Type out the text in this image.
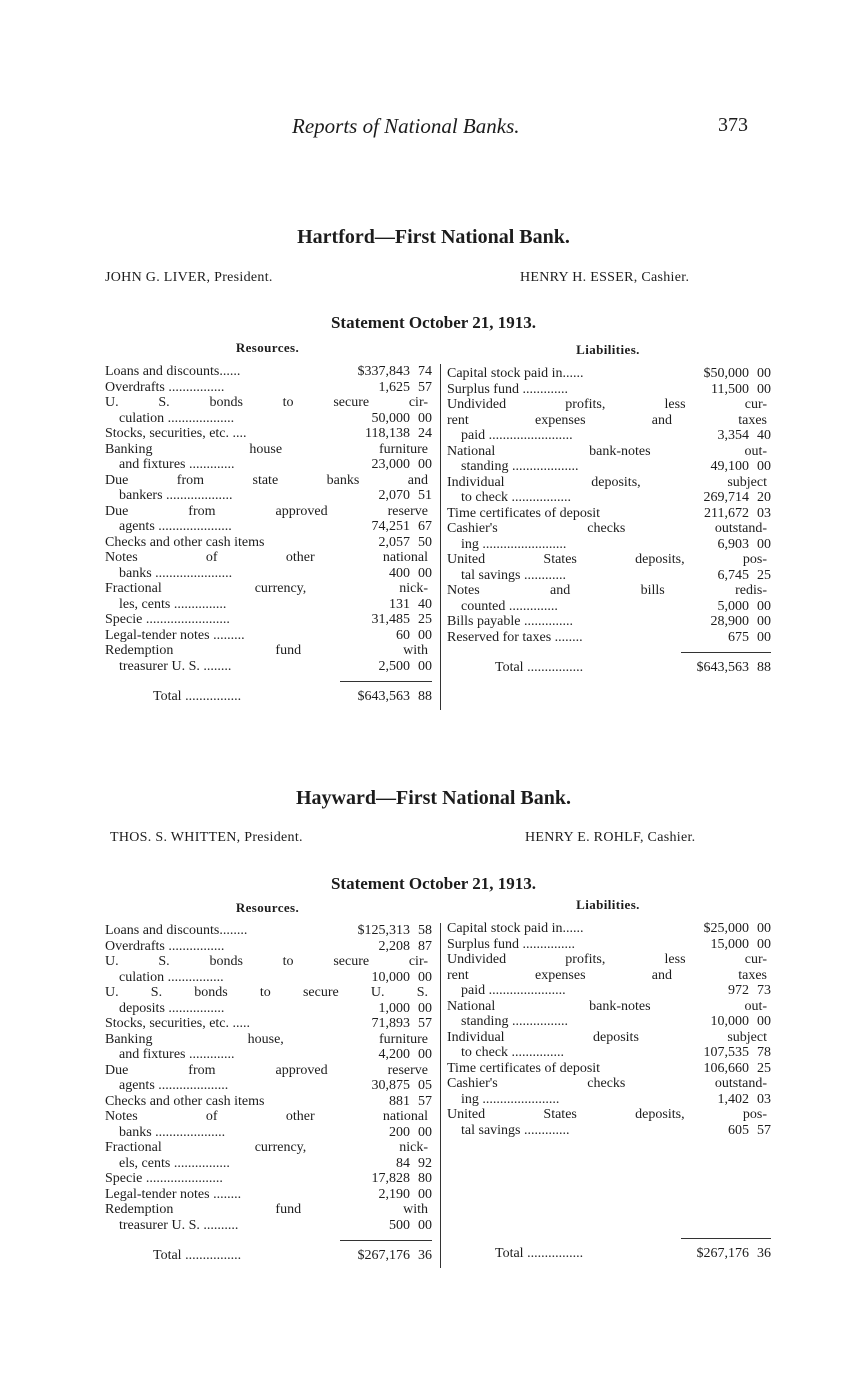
Reports of National Banks.	373
Hartford—First National Bank.
JOHN G. LIVER, President.	HENRY H. ESSER, Cashier.
Statement October 21, 1913.
Resources.	Liabilities.
Loans and discounts......	$337,843 74
Overdrafts ................	1,625 57
U. S. bonds to secure cir-
culation ...................	50,000 00
Stocks, securities, etc. ....	118,138 24
Banking house furniture
and fixtures .............	23,000 00
Due from state banks and
bankers ...................	2,070 51
Due from approved reserve
agents .....................	74,251 67
Checks and other cash items	2,057 50
Notes of other national
banks ......................	400 00
Fractional currency, nick-
les, cents ...............	131 40
Specie ........................	31,485 25
Legal-tender notes .........	60 00
Redemption fund with
treasurer U. S. ........	2,500 00
Total ................	$643,563 88
Capital stock paid in......	$50,000 00
Surplus fund .............	11,500 00
Undivided profits, less cur-
rent expenses and taxes
paid ........................	3,354 40
National bank-notes out-
standing ...................	49,100 00
Individual deposits, subject
to check .................	269,714 20
Time certificates of deposit	211,672 03
Cashier's checks outstand-
ing ........................	6,903 00
United States deposits, pos-
tal savings ............	6,745 25
Notes and bills redis-
counted ..............	5,000 00
Bills payable ..............	28,900 00
Reserved for taxes ........	675 00
Total ................	$643,563 88
Hayward—First National Bank.
THOS. S. WHITTEN, President.	HENRY E. ROHLF, Cashier.
Statement October 21, 1913.
Resources.	Liabilities.
Loans and discounts........	$125,313 58
Overdrafts ................	2,208 87
U. S. bonds to secure cir-
culation ................	10,000 00
U. S. bonds to secure U. S.
deposits ................	1,000 00
Stocks, securities, etc. .....	71,893 57
Banking house, furniture
and fixtures .............	4,200 00
Due from approved reserve
agents ....................	30,875 05
Checks and other cash items	881 57
Notes of other national
banks ....................	200 00
Fractional currency, nick-
els, cents ................	84 92
Specie ......................	17,828 80
Legal-tender notes ........	2,190 00
Redemption fund with
treasurer U. S. ..........	500 00
Total ................	$267,176 36
Capital stock paid in......	$25,000 00
Surplus fund ...............	15,000 00
Undivided profits, less cur-
rent expenses and taxes
paid ......................	972 73
National bank-notes out-
standing ................	10,000 00
Individual deposits subject
to check ...............	107,535 78
Time certificates of deposit	106,660 25
Cashier's checks outstand-
ing ......................	1,402 03
United States deposits, pos-
tal savings .............	605 57
Total ................	$267,176 36
